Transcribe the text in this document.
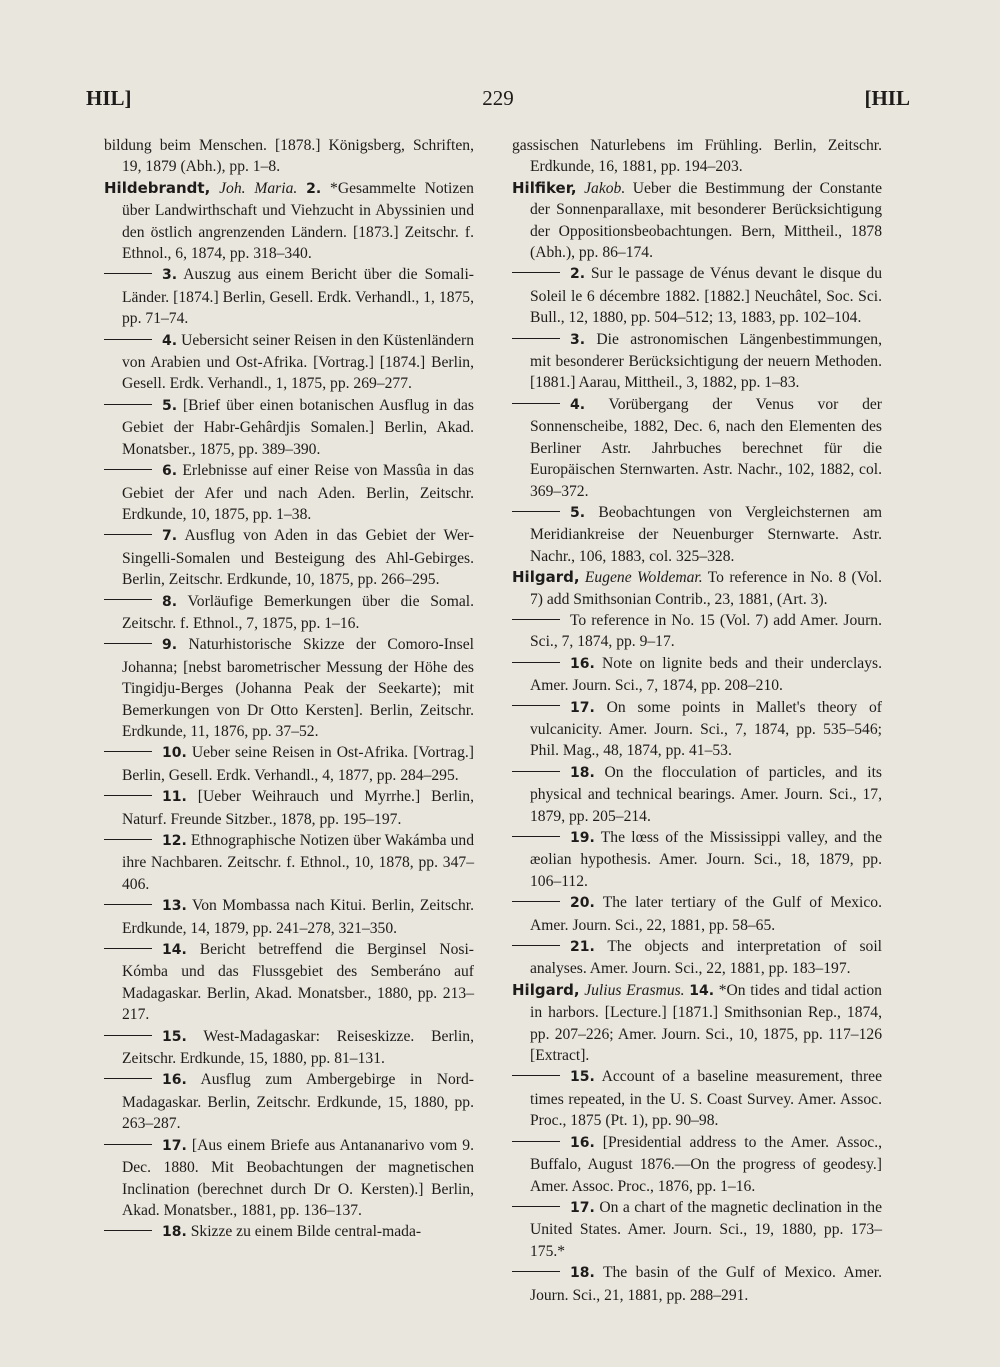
HIL]	229	[HIL

bildung beim Menschen. [1878.] Königsberg, Schriften, 19, 1879 (Abh.), pp. 1–8.

Hildebrandt, Joh. Maria. 2. *Gesammelte Notizen über Landwirthschaft und Viehzucht in Abyssinien und den östlich angrenzenden Ländern. [1873.] Zeitschr. f. Ethnol., 6, 1874, pp. 318–340.

3. Auszug aus einem Bericht über die Somali-Länder. [1874.] Berlin, Gesell. Erdk. Verhandl., 1, 1875, pp. 71–74.

4. Uebersicht seiner Reisen in den Küstenländern von Arabien und Ost-Afrika. [Vortrag.] [1874.] Berlin, Gesell. Erdk. Verhandl., 1, 1875, pp. 269–277.

5. [Brief über einen botanischen Ausflug in das Gebiet der Habr-Gehârdjis Somalen.] Berlin, Akad. Monatsber., 1875, pp. 389–390.

6. Erlebnisse auf einer Reise von Massûa in das Gebiet der Afer und nach Aden. Berlin, Zeitschr. Erdkunde, 10, 1875, pp. 1–38.

7. Ausflug von Aden in das Gebiet der Wer-Singelli-Somalen und Besteigung des Ahl-Gebirges. Berlin, Zeitschr. Erdkunde, 10, 1875, pp. 266–295.

8. Vorläufige Bemerkungen über die Somal. Zeitschr. f. Ethnol., 7, 1875, pp. 1–16.

9. Naturhistorische Skizze der Comoro-Insel Johanna; [nebst barometrischer Messung der Höhe des Tingidju-Berges (Johanna Peak der Seekarte); mit Bemerkungen von Dr Otto Kersten]. Berlin, Zeitschr. Erdkunde, 11, 1876, pp. 37–52.

10. Ueber seine Reisen in Ost-Afrika. [Vortrag.] Berlin, Gesell. Erdk. Verhandl., 4, 1877, pp. 284–295.

11. [Ueber Weihrauch und Myrrhe.] Berlin, Naturf. Freunde Sitzber., 1878, pp. 195–197.

12. Ethnographische Notizen über Wakámba und ihre Nachbaren. Zeitschr. f. Ethnol., 10, 1878, pp. 347–406.

13. Von Mombassa nach Kitui. Berlin, Zeitschr. Erdkunde, 14, 1879, pp. 241–278, 321–350.

14. Bericht betreffend die Berginsel Nosi-Kómba und das Flussgebiet des Semberáno auf Madagaskar. Berlin, Akad. Monatsber., 1880, pp. 213–217.

15. West-Madagaskar: Reiseskizze. Berlin, Zeitschr. Erdkunde, 15, 1880, pp. 81–131.

16. Ausflug zum Ambergebirge in Nord-Madagaskar. Berlin, Zeitschr. Erdkunde, 15, 1880, pp. 263–287.

17. [Aus einem Briefe aus Antananarivo vom 9. Dec. 1880. Mit Beobachtungen der magnetischen Inclination (berechnet durch Dr O. Kersten).] Berlin, Akad. Monatsber., 1881, pp. 136–137.

18. Skizze zu einem Bilde central-mada-

gassischen Naturlebens im Frühling. Berlin, Zeitschr. Erdkunde, 16, 1881, pp. 194–203.

Hilfiker, Jakob. Ueber die Bestimmung der Constante der Sonnenparallaxe, mit besonderer Berücksichtigung der Oppositionsbeobachtungen. Bern, Mittheil., 1878 (Abh.), pp. 86–174.

2. Sur le passage de Vénus devant le disque du Soleil le 6 décembre 1882. [1882.] Neuchâtel, Soc. Sci. Bull., 12, 1880, pp. 504–512; 13, 1883, pp. 102–104.

3. Die astronomischen Längenbestimmungen, mit besonderer Berücksichtigung der neuern Methoden. [1881.] Aarau, Mittheil., 3, 1882, pp. 1–83.

4. Vorübergang der Venus vor der Sonnenscheibe, 1882, Dec. 6, nach den Elementen des Berliner Astr. Jahrbuches berechnet für die Europäischen Sternwarten. Astr. Nachr., 102, 1882, col. 369–372.

5. Beobachtungen von Vergleichsternen am Meridiankreise der Neuenburger Sternwarte. Astr. Nachr., 106, 1883, col. 325–328.

Hilgard, Eugene Woldemar. To reference in No. 8 (Vol. 7) add Smithsonian Contrib., 23, 1881, (Art. 3).

To reference in No. 15 (Vol. 7) add Amer. Journ. Sci., 7, 1874, pp. 9–17.

16. Note on lignite beds and their underclays. Amer. Journ. Sci., 7, 1874, pp. 208–210.

17. On some points in Mallet's theory of vulcanicity. Amer. Journ. Sci., 7, 1874, pp. 535–546; Phil. Mag., 48, 1874, pp. 41–53.

18. On the flocculation of particles, and its physical and technical bearings. Amer. Journ. Sci., 17, 1879, pp. 205–214.

19. The lœss of the Mississippi valley, and the æolian hypothesis. Amer. Journ. Sci., 18, 1879, pp. 106–112.

20. The later tertiary of the Gulf of Mexico. Amer. Journ. Sci., 22, 1881, pp. 58–65.

21. The objects and interpretation of soil analyses. Amer. Journ. Sci., 22, 1881, pp. 183–197.

Hilgard, Julius Erasmus. 14. *On tides and tidal action in harbors. [Lecture.] [1871.] Smithsonian Rep., 1874, pp. 207–226; Amer. Journ. Sci., 10, 1875, pp. 117–126 [Extract].

15. Account of a baseline measurement, three times repeated, in the U. S. Coast Survey. Amer. Assoc. Proc., 1875 (Pt. 1), pp. 90–98.

16. [Presidential address to the Amer. Assoc., Buffalo, August 1876.—On the progress of geodesy.] Amer. Assoc. Proc., 1876, pp. 1–16.

17. On a chart of the magnetic declination in the United States. Amer. Journ. Sci., 19, 1880, pp. 173–175.*

18. The basin of the Gulf of Mexico. Amer. Journ. Sci., 21, 1881, pp. 288–291.
